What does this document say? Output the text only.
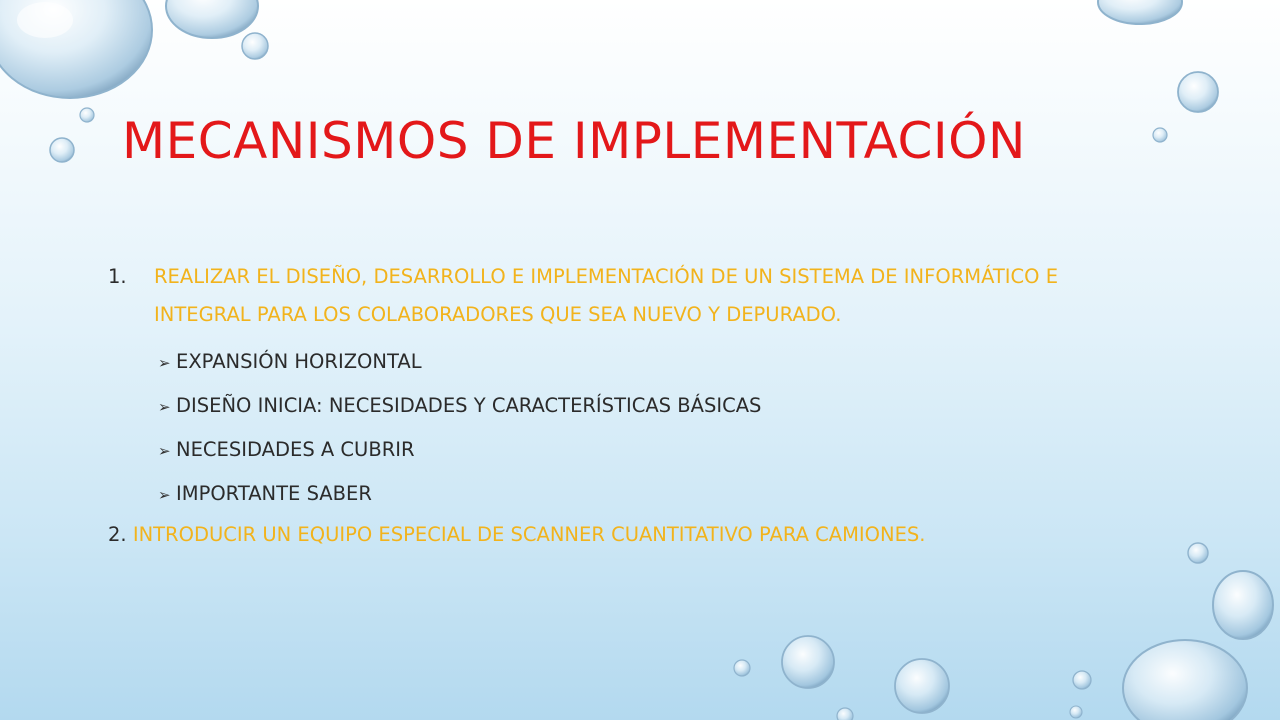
MECANISMOS DE IMPLEMENTACIÓN
1. REALIZAR EL DISEÑO, DESARROLLO E IMPLEMENTACIÓN DE UN SISTEMA DE INFORMÁTICO E INTEGRAL PARA LOS COLABORADORES QUE SEA NUEVO Y DEPURADO.
➢ EXPANSIÓN HORIZONTAL
➢ DISEÑO INICIA: NECESIDADES Y CARACTERÍSTICAS BÁSICAS
➢ NECESIDADES A CUBRIR
➢ IMPORTANTE SABER
2. INTRODUCIR UN EQUIPO ESPECIAL DE SCANNER CUANTITATIVO PARA CAMIONES.
